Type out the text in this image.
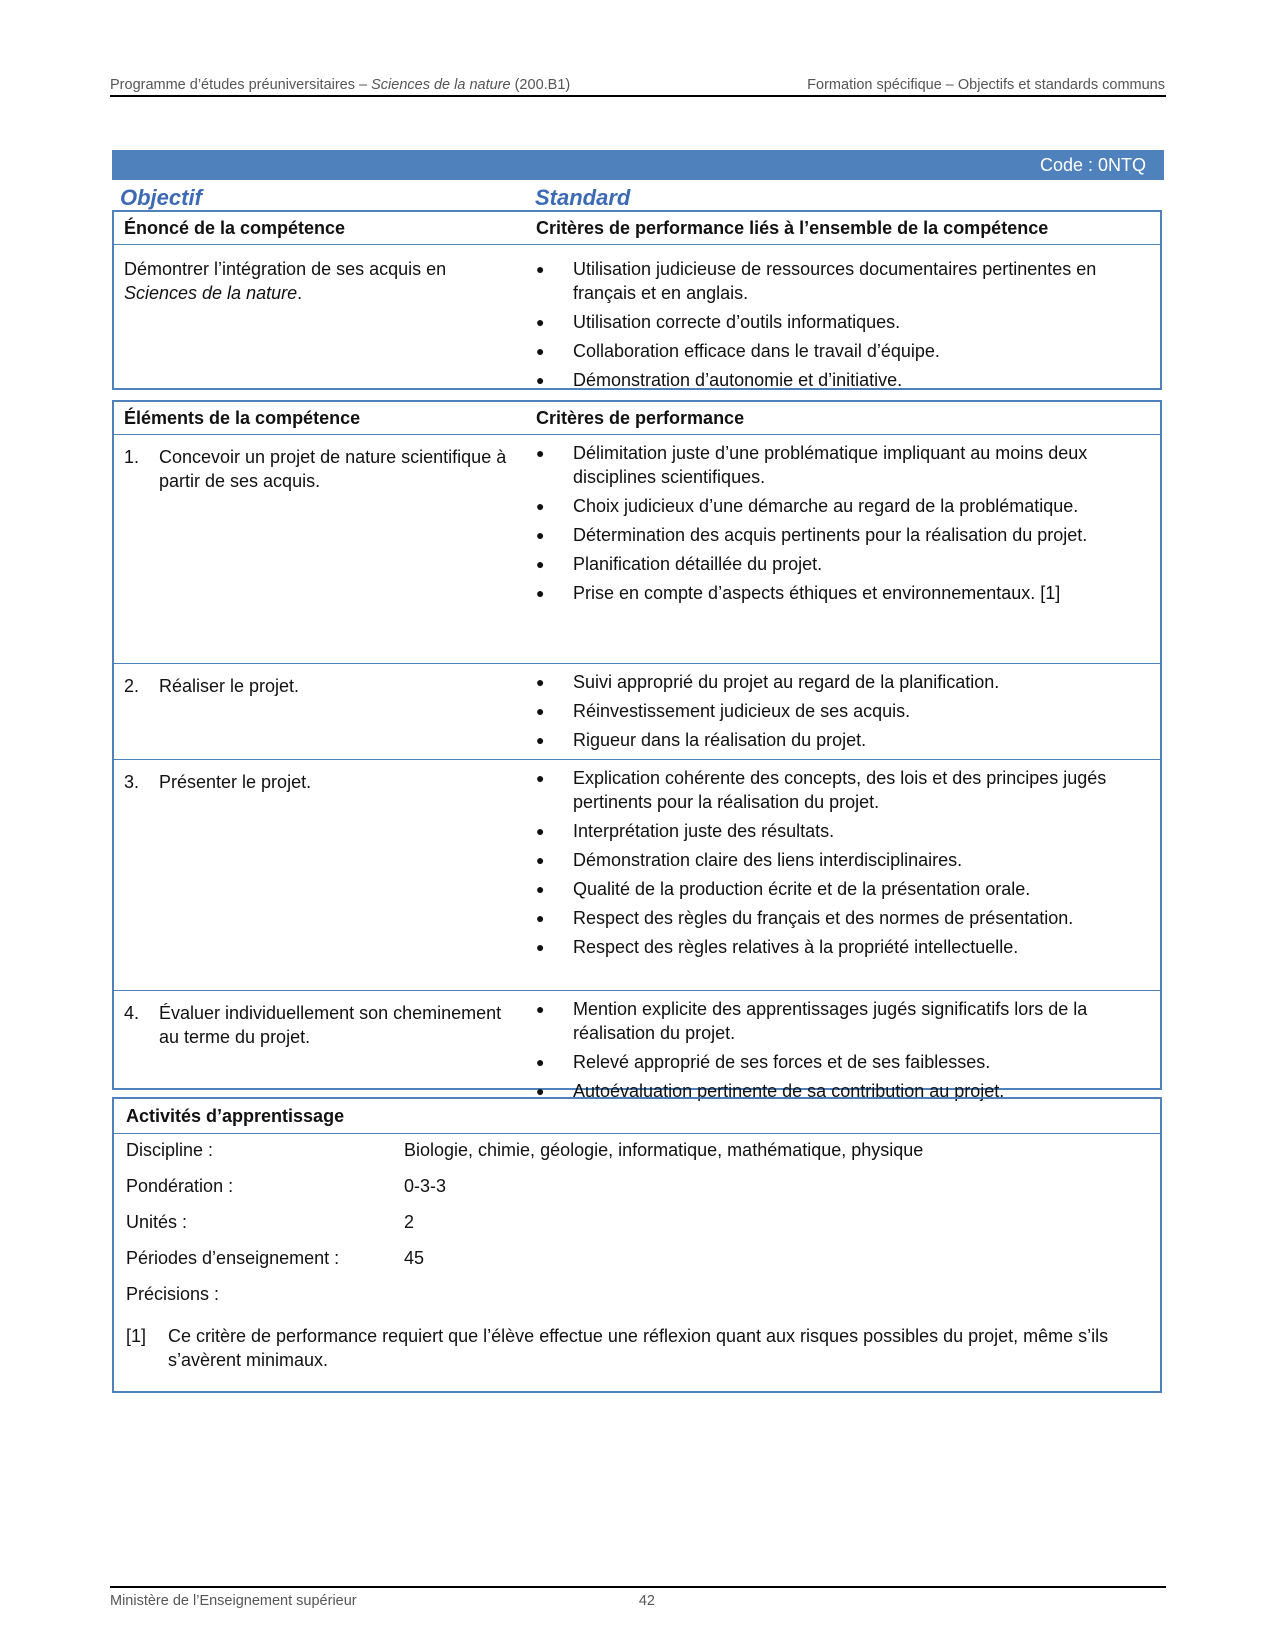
Programme d’études préuniversitaires – Sciences de la nature (200.B1)	Formation spécifique – Objectifs et standards communs
Code : 0NTQ
Objectif	Standard
Énoncé de la compétence	Critères de performance liés à l’ensemble de la compétence
Démontrer l’intégration de ses acquis en Sciences de la nature.
●	Utilisation judicieuse de ressources documentaires pertinentes en français et en anglais.
●	Utilisation correcte d’outils informatiques.
●	Collaboration efficace dans le travail d’équipe.
●	Démonstration d’autonomie et d’initiative.
Éléments de la compétence	Critères de performance
1.	Concevoir un projet de nature scientifique à partir de ses acquis.
●	Délimitation juste d’une problématique impliquant au moins deux disciplines scientifiques.
●	Choix judicieux d’une démarche au regard de la problématique.
●	Détermination des acquis pertinents pour la réalisation du projet.
●	Planification détaillée du projet.
●	Prise en compte d’aspects éthiques et environnementaux. [1]
2.	Réaliser le projet.	●	Suivi approprié du projet au regard de la planification.
●	Réinvestissement judicieux de ses acquis.
●	Rigueur dans la réalisation du projet.
3.	Présenter le projet.	●	Explication cohérente des concepts, des lois et des principes jugés pertinents pour la réalisation du projet.
●	Interprétation juste des résultats.
●	Démonstration claire des liens interdisciplinaires.
●	Qualité de la production écrite et de la présentation orale.
●	Respect des règles du français et des normes de présentation.
●	Respect des règles relatives à la propriété intellectuelle.
4.	Évaluer individuellement son cheminement au terme du projet.
●	Mention explicite des apprentissages jugés significatifs lors de la réalisation du projet.
●	Relevé approprié de ses forces et de ses faiblesses.
●	Autoévaluation pertinente de sa contribution au projet.
Activités d’apprentissage
Discipline :	Biologie, chimie, géologie, informatique, mathématique, physique
Pondération :	0-3-3
Unités :	2
Périodes d’enseignement :	45
Précisions :
[1]	Ce critère de performance requiert que l’élève effectue une réflexion quant aux risques possibles du projet, même s’ils s’avèrent minimaux.
Ministère de l’Enseignement supérieur	42
